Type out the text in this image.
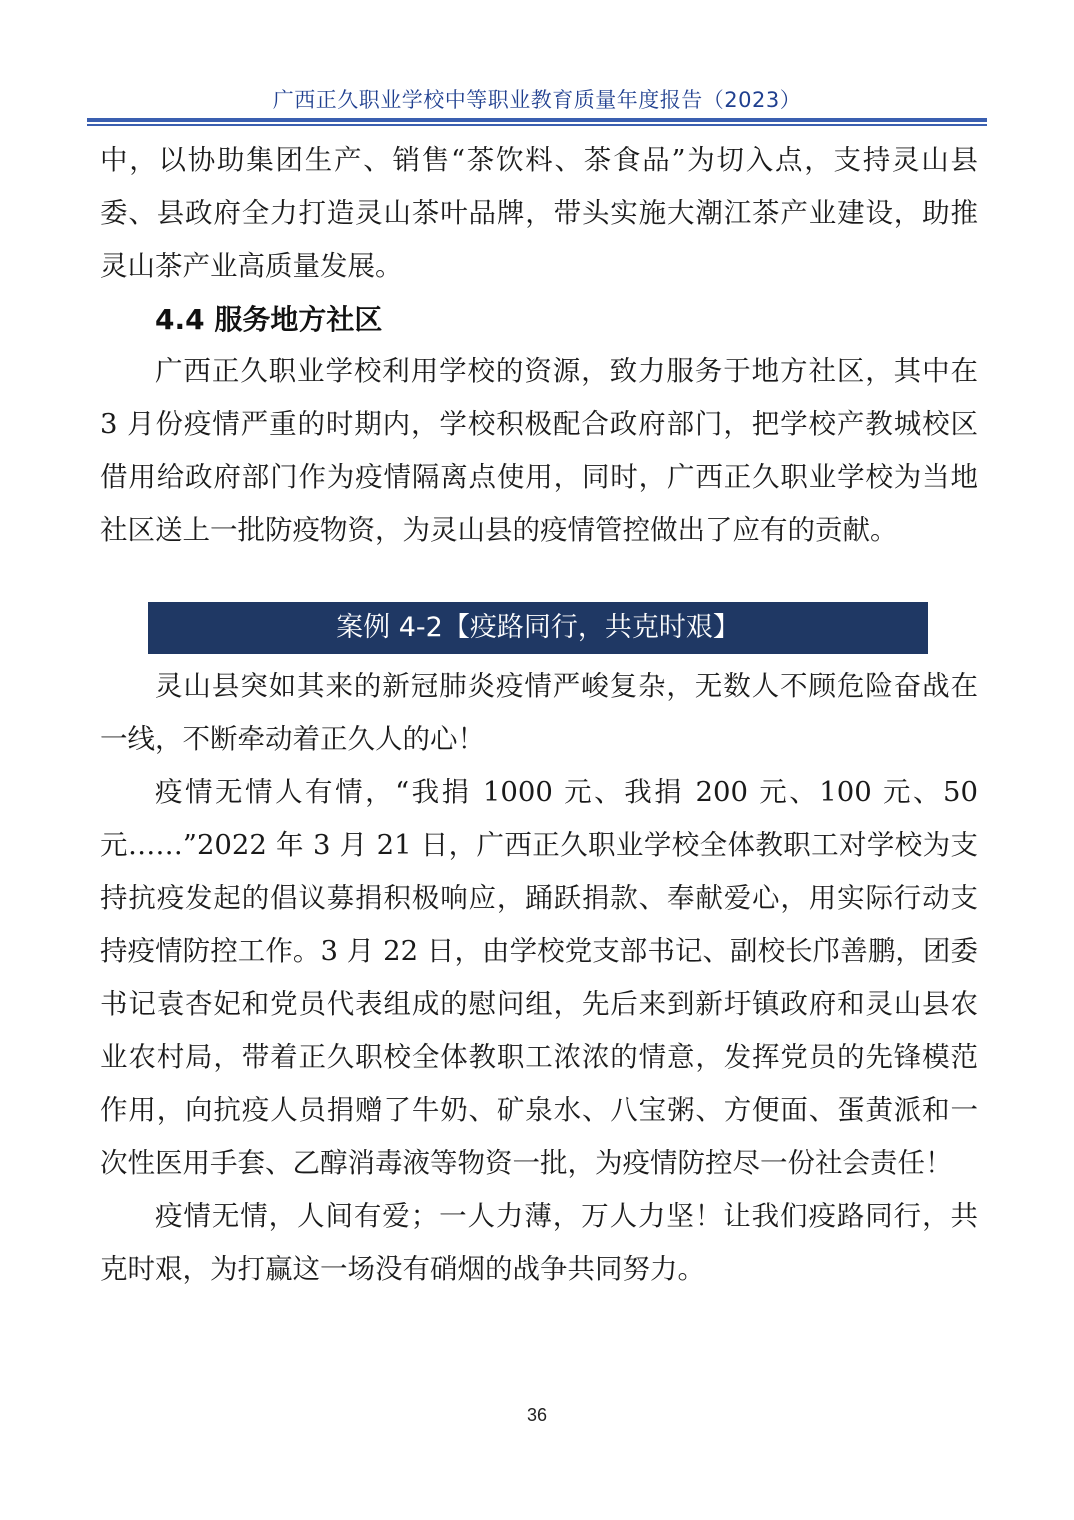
广西正久职业学校中等职业教育质量年度报告（2023）

中，以协助集团生产、销售“茶饮料、茶食品”为切入点，支持灵山县委、县政府全力打造灵山茶叶品牌，带头实施大潮江茶产业建设，助推灵山茶产业高质量发展。

4.4 服务地方社区

广西正久职业学校利用学校的资源，致力服务于地方社区，其中在 3 月份疫情严重的时期内，学校积极配合政府部门，把学校产教城校区借用给政府部门作为疫情隔离点使用，同时，广西正久职业学校为当地社区送上一批防疫物资，为灵山县的疫情管控做出了应有的贡献。

案例 4-2【疫路同行，共克时艰】

灵山县突如其来的新冠肺炎疫情严峻复杂，无数人不顾危险奋战在一线，不断牵动着正久人的心！

疫情无情人有情，“我捐 1000 元、我捐 200 元、100 元、50 元……”2022 年 3 月 21 日，广西正久职业学校全体教职工对学校为支持抗疫发起的倡议募捐积极响应，踊跃捐款、奉献爱心，用实际行动支持疫情防控工作。3 月 22 日，由学校党支部书记、副校长邝善鹏，团委书记袁杏妃和党员代表组成的慰问组，先后来到新圩镇政府和灵山县农业农村局，带着正久职校全体教职工浓浓的情意，发挥党员的先锋模范作用，向抗疫人员捐赠了牛奶、矿泉水、八宝粥、方便面、蛋黄派和一次性医用手套、乙醇消毒液等物资一批，为疫情防控尽一份社会责任！

疫情无情，人间有爱；一人力薄，万人力坚！让我们疫路同行，共克时艰，为打赢这一场没有硝烟的战争共同努力。

36
